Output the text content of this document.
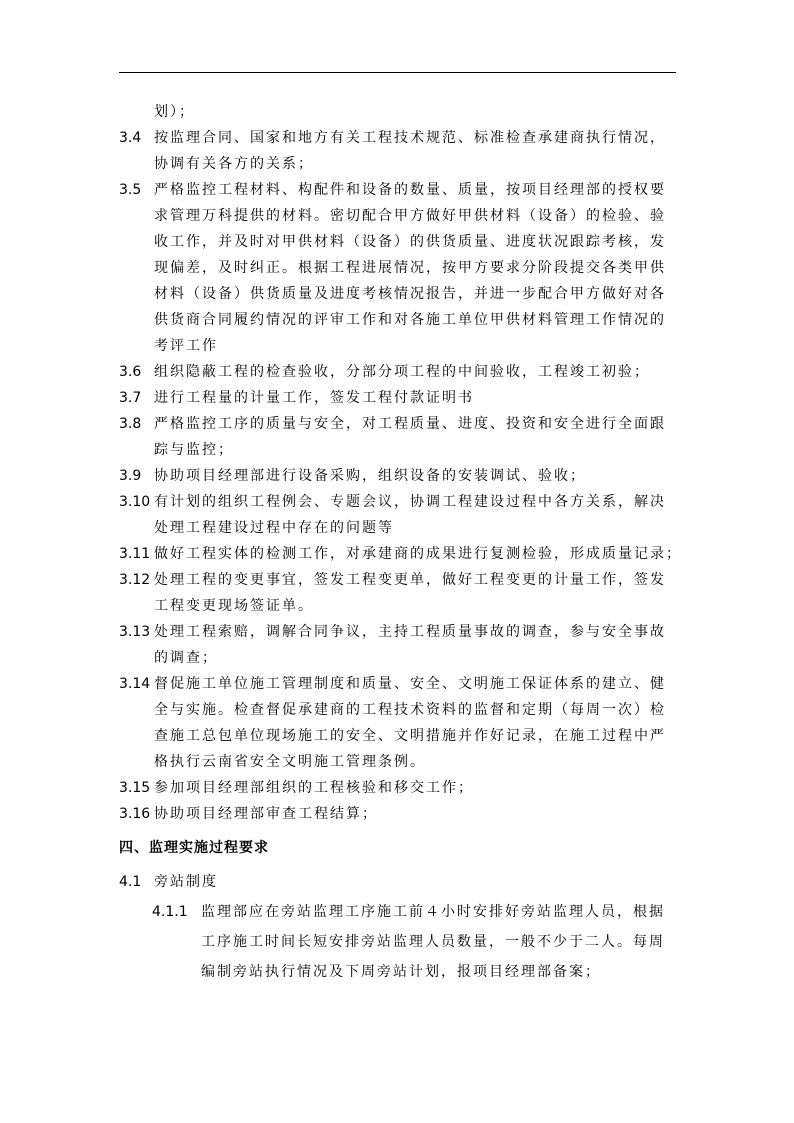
划）；
3.4 按监理合同、国家和地方有关工程技术规范、标准检查承建商执行情况，
协调有关各方的关系；
3.5 严格监控工程材料、构配件和设备的数量、质量，按项目经理部的授权要
求管理万科提供的材料。密切配合甲方做好甲供材料（设备）的检验、验
收工作，并及时对甲供材料（设备）的供货质量、进度状况跟踪考核，发
现偏差，及时纠正。根据工程进展情况，按甲方要求分阶段提交各类甲供
材料（设备）供货质量及进度考核情况报告，并进一步配合甲方做好对各
供货商合同履约情况的评审工作和对各施工单位甲供材料管理工作情况的
考评工作
3.6 组织隐蔽工程的检查验收，分部分项工程的中间验收，工程竣工初验；
3.7 进行工程量的计量工作，签发工程付款证明书
3.8 严格监控工序的质量与安全，对工程质量、进度、投资和安全进行全面跟
踪与监控；
3.9 协助项目经理部进行设备采购，组织设备的安装调试、验收；
3.10 有计划的组织工程例会、专题会议，协调工程建设过程中各方关系，解决
处理工程建设过程中存在的问题等
3.11 做好工程实体的检测工作，对承建商的成果进行复测检验，形成质量记录；
3.12 处理工程的变更事宜，签发工程变更单，做好工程变更的计量工作，签发
工程变更现场签证单。
3.13 处理工程索赔，调解合同争议，主持工程质量事故的调查，参与安全事故
的调查；
3.14 督促施工单位施工管理制度和质量、安全、文明施工保证体系的建立、健
全与实施。检查督促承建商的工程技术资料的监督和定期（每周一次）检
查施工总包单位现场施工的安全、文明措施并作好记录，在施工过程中严
格执行云南省安全文明施工管理条例。
3.15 参加项目经理部组织的工程核验和移交工作；
3.16 协助项目经理部审查工程结算；
四、监理实施过程要求
4.1 旁站制度
4.1.1 监理部应在旁站监理工序施工前４小时安排好旁站监理人员，根据
工序施工时间长短安排旁站监理人员数量，一般不少于二人。每周
编制旁站执行情况及下周旁站计划，报项目经理部备案；
